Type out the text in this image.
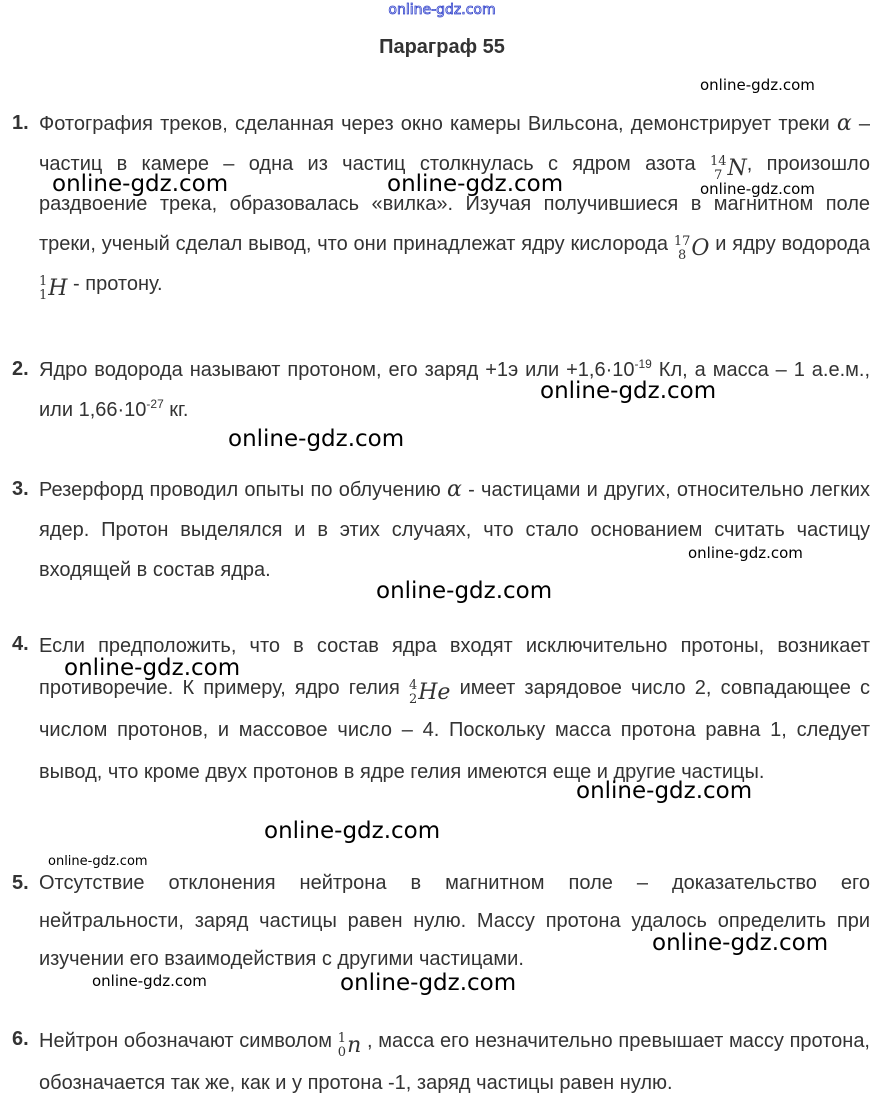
online-gdz.com
Параграф 55
1. Фотография треков, сделанная через окно камеры Вильсона, демонстрирует треки α – частиц в камере – одна из частиц столкнулась с ядром азота 14
7 N, произошло раздвоение трека, образовалась «вилка». Изучая получившиеся в магнитном поле треки, ученый сделал вывод, что они принадлежат ядру кислорода 17
8 O и ядру водорода
1
1 H - протону.
2. Ядро водорода называют протоном, его заряд +1э или $+1,6\cdot 10^{-19}$ Кл, а масса – 1 а.е.м., или $1,66\cdot 10^{-27}$ кг.
3. Резерфорд проводил опыты по облучению α - частицами и других, относительно легких ядер. Протон выделялся и в этих случаях, что стало основанием считать частицу входящей в состав ядра.
4. Если предположить, что в состав ядра входят исключительно протоны, возникает противоречие. К примеру, ядро гелия 4
2 He имеет зарядовое число 2, совпадающее с числом протонов, и массовое число – 4. Поскольку масса протона равна 1, следует вывод, что кроме двух протонов в ядре гелия имеются еще и другие частицы.
5. Отсутствие отклонения нейтрона в магнитном поле – доказательство его нейтральности, заряд частицы равен нулю. Массу протона удалось определить при изучении его взаимодействия с другими частицами.
6. Нейтрон обозначают символом 1
0 n , масса его незначительно превышает массу протона, обозначается так же, как и у протона -1, заряд частицы равен нулю.
online-gdz.com
online-gdz.com	online-gdz.com	online-gdz.com
online-gdz.com
online-gdz.com
online-gdz.com
online-gdz.com
online-gdz.com
online-gdz.com
online-gdz.com
online-gdz.com
online-gdz.com
online-gdz.com	online-gdz.com
